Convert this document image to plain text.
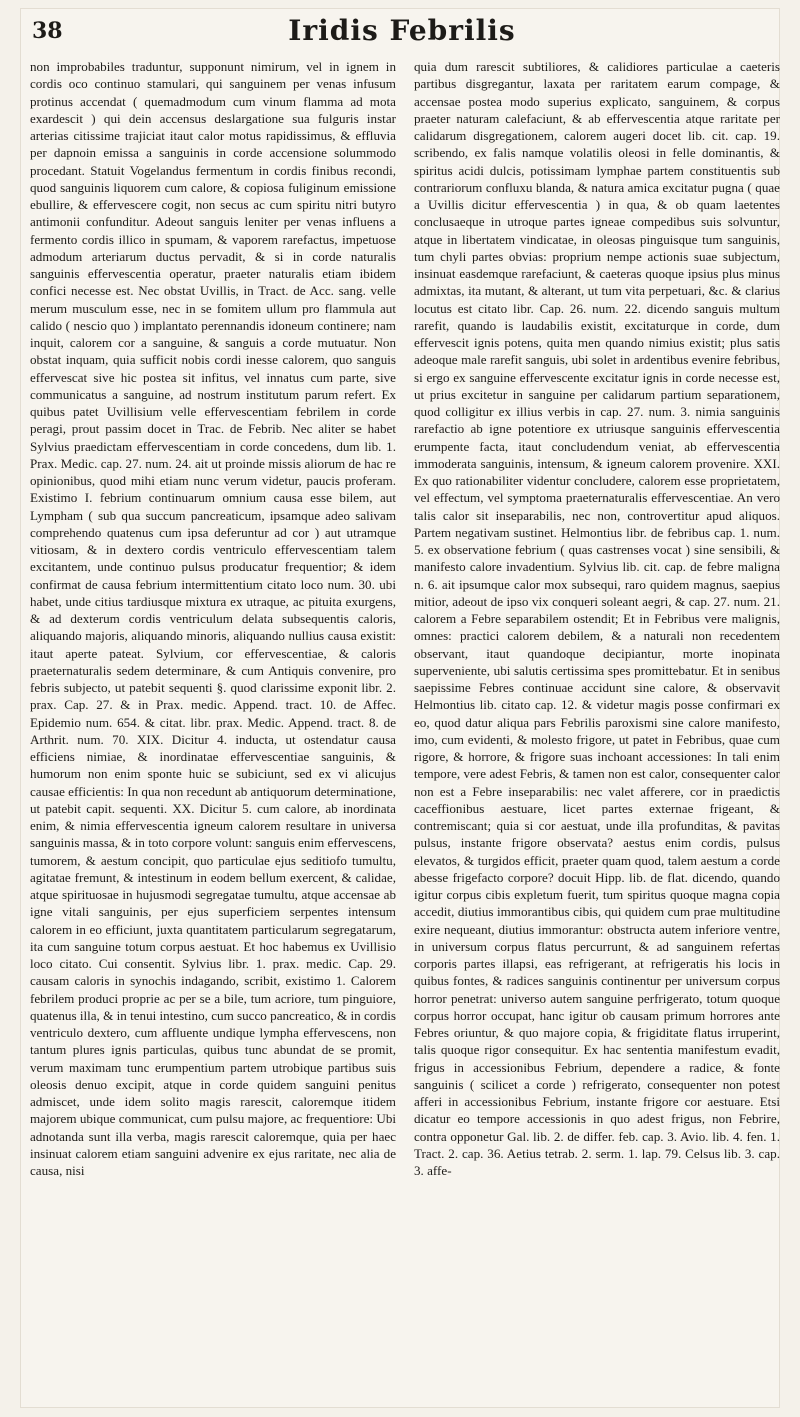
38	Iridis Febrilis

non improbabiles traduntur, supponunt nimirum, vel in ignem in cordis oco continuo stamulari, qui sanguinem per venas infusum protinus accendat ( quemadmodum cum vinum flamma ad mota exardescit ) qui dein accensus deslargatione sua fulguris instar arterias citissime trajiciat itaut calor motus rapidissimus, & effluvia per dapnoin emissa a sanguinis in corde accensione solummodo procedant. Statuit Vogelandus fermentum in cordis finibus recondi, quod sanguinis liquorem cum calore, & copiosa fuliginum emissione ebullire, & effervescere cogit, non secus ac cum spiritu nitri butyro antimonii confunditur. Adeout sanguis leniter per venas influens a fermento cordis illico in spumam, & vaporem rarefactus, impetuose admodum arteriarum ductus pervadit, & si in corde naturalis sanguinis effervescentia operatur, praeter naturalis etiam ibidem confici necesse est. Nec obstat Uvillis, in Tract. de Acc. sang. velle merum musculum esse, nec in se fomitem ullum pro flammula aut calido ( nescio quo ) implantato perennandis idoneum continere; nam inquit, calorem cor a sanguine, & sanguis a corde mutuatur. Non obstat inquam, quia sufficit nobis cordi inesse calorem, quo sanguis effervescat sive hic postea sit infitus, vel innatus cum parte, sive communicatus a sanguine, ad nostrum institutum parum refert. Ex quibus patet Uvillisium velle effervescentiam febrilem in corde peragi, prout passim docet in Trac. de Febrib. Nec aliter se habet Sylvius praedictam effervescentiam in corde concedens, dum lib. 1. Prax. Medic. cap. 27. num. 24. ait ut proinde missis aliorum de hac re opinionibus, quod mihi etiam nunc verum videtur, paucis proferam. Existimo I. febrium continuarum omnium causa esse bilem, aut Lympham ( sub qua succum pancreaticum, ipsamque adeo salivam comprehendo quatenus cum ipsa deferuntur ad cor ) aut utramque vitiosam, & in dextero cordis ventriculo effervescentiam talem excitantem, unde continuo pulsus producatur frequentior; & idem confirmat de causa febrium intermittentium citato loco num. 30. ubi habet, unde citius tardiusque mixtura ex utraque, ac pituita exurgens, & ad dexterum cordis ventriculum delata subsequentis caloris, aliquando majoris, aliquando minoris, aliquando nullius causa existit: itaut aperte pateat. Sylvium, cor effervescentiae, & caloris praeternaturalis sedem determinare, & cum Antiquis convenire, pro febris subjecto, ut patebit sequenti §. quod clarissime exponit libr. 2. prax. Cap. 27. & in Prax. medic. Append. tract. 10. de Affec. Epidemio num. 654. & citat. libr. prax. Medic. Append. tract. 8. de Arthrit. num. 70. XIX. Dicitur 4. inducta, ut ostendatur causa efficiens nimiae, & inordinatae effervescentiae sanguinis, & humorum non enim sponte huic se subiciunt, sed ex vi alicujus causae efficientis: In qua non recedunt ab antiquorum determinatione, ut patebit capit. sequenti. XX. Dicitur 5. cum calore, ab inordinata enim, & nimia effervescentia igneum calorem resultare in universa sanguinis massa, & in toto corpore volunt: sanguis enim effervescens, tumorem, & aestum concipit, quo particulae ejus seditiofo tumultu, agitatae fremunt, & intestinum in eodem bellum exercent, & calidae, atque spirituosae in hujusmodi segregatae tumultu, atque accensae ab igne vitali sanguinis, per ejus superficiem serpentes intensum calorem in eo efficiunt, juxta quantitatem particularum segregatarum, ita cum sanguine totum corpus aestuat. Et hoc habemus ex Uvillisio loco citato. Cui consentit. Sylvius libr. 1. prax. medic. Cap. 29. causam caloris in synochis indagando, scribit, existimo 1. Calorem febrilem produci proprie ac per se a bile, tum acriore, tum pinguiore, quatenus illa, & in tenui intestino, cum succo pancreatico, & in cordis ventriculo dextero, cum affluente undique lympha effervescens, non tantum plures ignis particulas, quibus tunc abundat de se promit, verum maximam tunc erumpentium partem utrobique partibus suis oleosis denuo excipit, atque in corde quidem sanguini penitus admiscet, unde idem solito magis rarescit, caloremque itidem majorem ubique communicat, cum pulsu majore, ac frequentiore: Ubi adnotanda sunt illa verba, magis rarescit caloremque, quia per haec insinuat calorem etiam sanguini advenire ex ejus raritate, nec alia de causa, nisi

quia dum rarescit subtiliores, & calidiores particulae a caeteris partibus disgregantur, laxata per raritatem earum compage, & accensae postea modo superius explicato, sanguinem, & corpus praeter naturam calefaciunt, & ab effervescentia atque raritate per calidarum disgregationem, calorem augeri docet lib. cit. cap. 19. scribendo, ex falis namque volatilis oleosi in felle dominantis, & spiritus acidi dulcis, potissimam lymphae partem constituentis sub contrariorum confluxu blanda, & natura amica excitatur pugna ( quae a Uvillis dicitur effervescentia ) in qua, & ob quam laetentes conclusaeque in utroque partes igneae compedibus suis solvuntur, atque in libertatem vindicatae, in oleosas pinguisque tum sanguinis, tum chyli partes obvias: proprium nempe actionis suae subjectum, insinuat easdemque rarefaciunt, & caeteras quoque ipsius plus minus admixtas, ita mutant, & alterant, ut tum vita perpetuari, &c. & clarius locutus est citato libr. Cap. 26. num. 22. dicendo sanguis multum rarefit, quando is laudabilis existit, excitaturque in corde, dum effervescit ignis potens, quita men quando nimius existit; plus satis adeoque male rarefit sanguis, ubi solet in ardentibus evenire febribus, si ergo ex sanguine effervescente excitatur ignis in corde necesse est, ut prius excitetur in sanguine per calidarum partium separationem, quod colligitur ex illius verbis in cap. 27. num. 3. nimia sanguinis rarefactio ab igne potentiore ex utriusque sanguinis effervescentia erumpente facta, itaut concludendum veniat, ab effervescentia immoderata sanguinis, intensum, & igneum calorem provenire. XXI. Ex quo rationabiliter videntur concludere, calorem esse proprietatem, vel effectum, vel symptoma praeternaturalis effervescentiae. An vero talis calor sit inseparabilis, nec non, controvertitur apud aliquos. Partem negativam sustinet. Helmontius libr. de febribus cap. 1. num. 5. ex observatione febrium ( quas castrenses vocat ) sine sensibili, & manifesto calore invadentium. Sylvius lib. cit. cap. de febre maligna n. 6. ait ipsumque calor mox subsequi, raro quidem magnus, saepius mitior, adeout de ipso vix conqueri soleant aegri, & cap. 27. num. 21. calorem a Febre separabilem ostendit; Et in Febribus vere malignis, omnes: practici calorem debilem, & a naturali non recedentem observant, itaut quandoque decipiantur, morte inopinata superveniente, ubi salutis certissima spes promittebatur. Et in senibus saepissime Febres continuae accidunt sine calore, & observavit Helmontius lib. citato cap. 12. & videtur magis posse confirmari ex eo, quod datur aliqua pars Febrilis paroxismi sine calore manifesto, imo, cum evidenti, & molesto frigore, ut patet in Febribus, quae cum rigore, & horrore, & frigore suas inchoant accessiones: In tali enim tempore, vere adest Febris, & tamen non est calor, consequenter calor non est a Febre inseparabilis: nec valet afferere, cor in praedictis caceffionibus aestuare, licet partes externae frigeant, & contremiscant; quia si cor aestuat, unde illa profunditas, & pavitas pulsus, instante frigore observata? aestus enim cordis, pulsus elevatos, & turgidos efficit, praeter quam quod, talem aestum a corde abesse frigefacto corpore? docuit Hipp. lib. de flat. dicendo, quando igitur corpus cibis expletum fuerit, tum spiritus quoque magna copia accedit, diutius immorantibus cibis, qui quidem cum prae multitudine exire nequeant, diutius immorantur: obstructa autem inferiore ventre, in universum corpus flatus percurrunt, & ad sanguinem refertas corporis partes illapsi, eas refrigerant, at refrigeratis his locis in quibus fontes, & radices sanguinis continentur per universum corpus horror penetrat: universo autem sanguine perfrigerato, totum quoque corpus horror occupat, hanc igitur ob causam primum horrores ante Febres oriuntur, & quo majore copia, & frigiditate flatus irruperint, talis quoque rigor consequitur. Ex hac sententia manifestum evadit, frigus in accessionibus Febrium, dependere a radice, & fonte sanguinis ( scilicet a corde ) refrigerato, consequenter non potest afferi in accessionibus Febrium, instante frigore cor aestuare. Etsi dicatur eo tempore accessionis in quo adest frigus, non Febrire, contra opponetur Gal. lib. 2. de differ. feb. cap. 3. Avio. lib. 4. fen. 1. Tract. 2. cap. 36. Aetius tetrab. 2. serm. 1. lap. 79. Celsus lib. 3. cap. 3. affe-
